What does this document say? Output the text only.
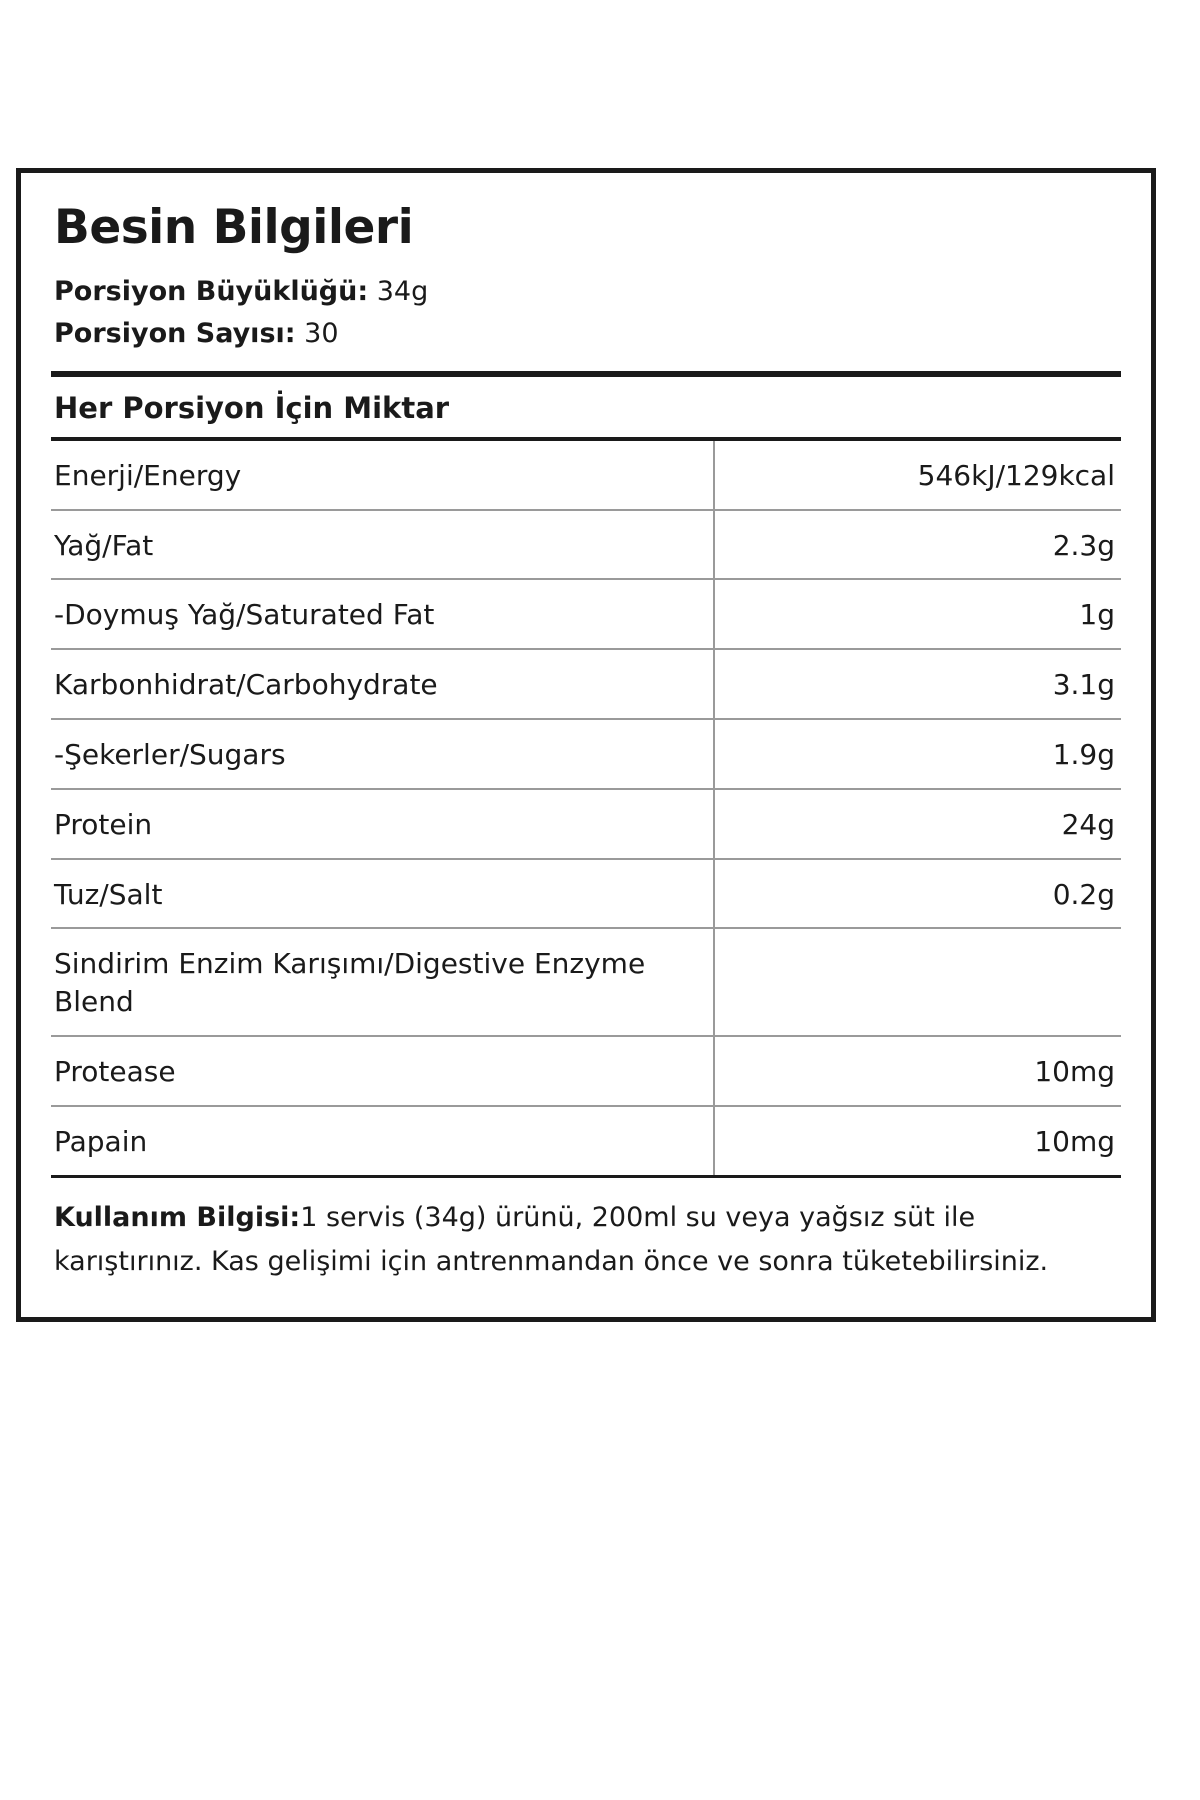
Besin Bilgileri
Porsiyon Büyüklüğü: 34g
Porsiyon Sayısı: 30
Her Porsiyon İçin Miktar
Enerji/Energy	546kJ/129kcal
Yağ/Fat	2.3g
-Doymuş Yağ/Saturated Fat	1g
Karbonhidrat/Carbohydrate	3.1g
-Şekerler/Sugars	1.9g
Protein	24g
Tuz/Salt	0.2g
Sindirim Enzim Karışımı/Digestive Enzyme Blend	
Protease	10mg
Papain	10mg
Kullanım Bilgisi:1 servis (34g) ürünü, 200ml su veya yağsız süt ile karıştırınız. Kas gelişimi için antrenmandan önce ve sonra tüketebilirsiniz.
